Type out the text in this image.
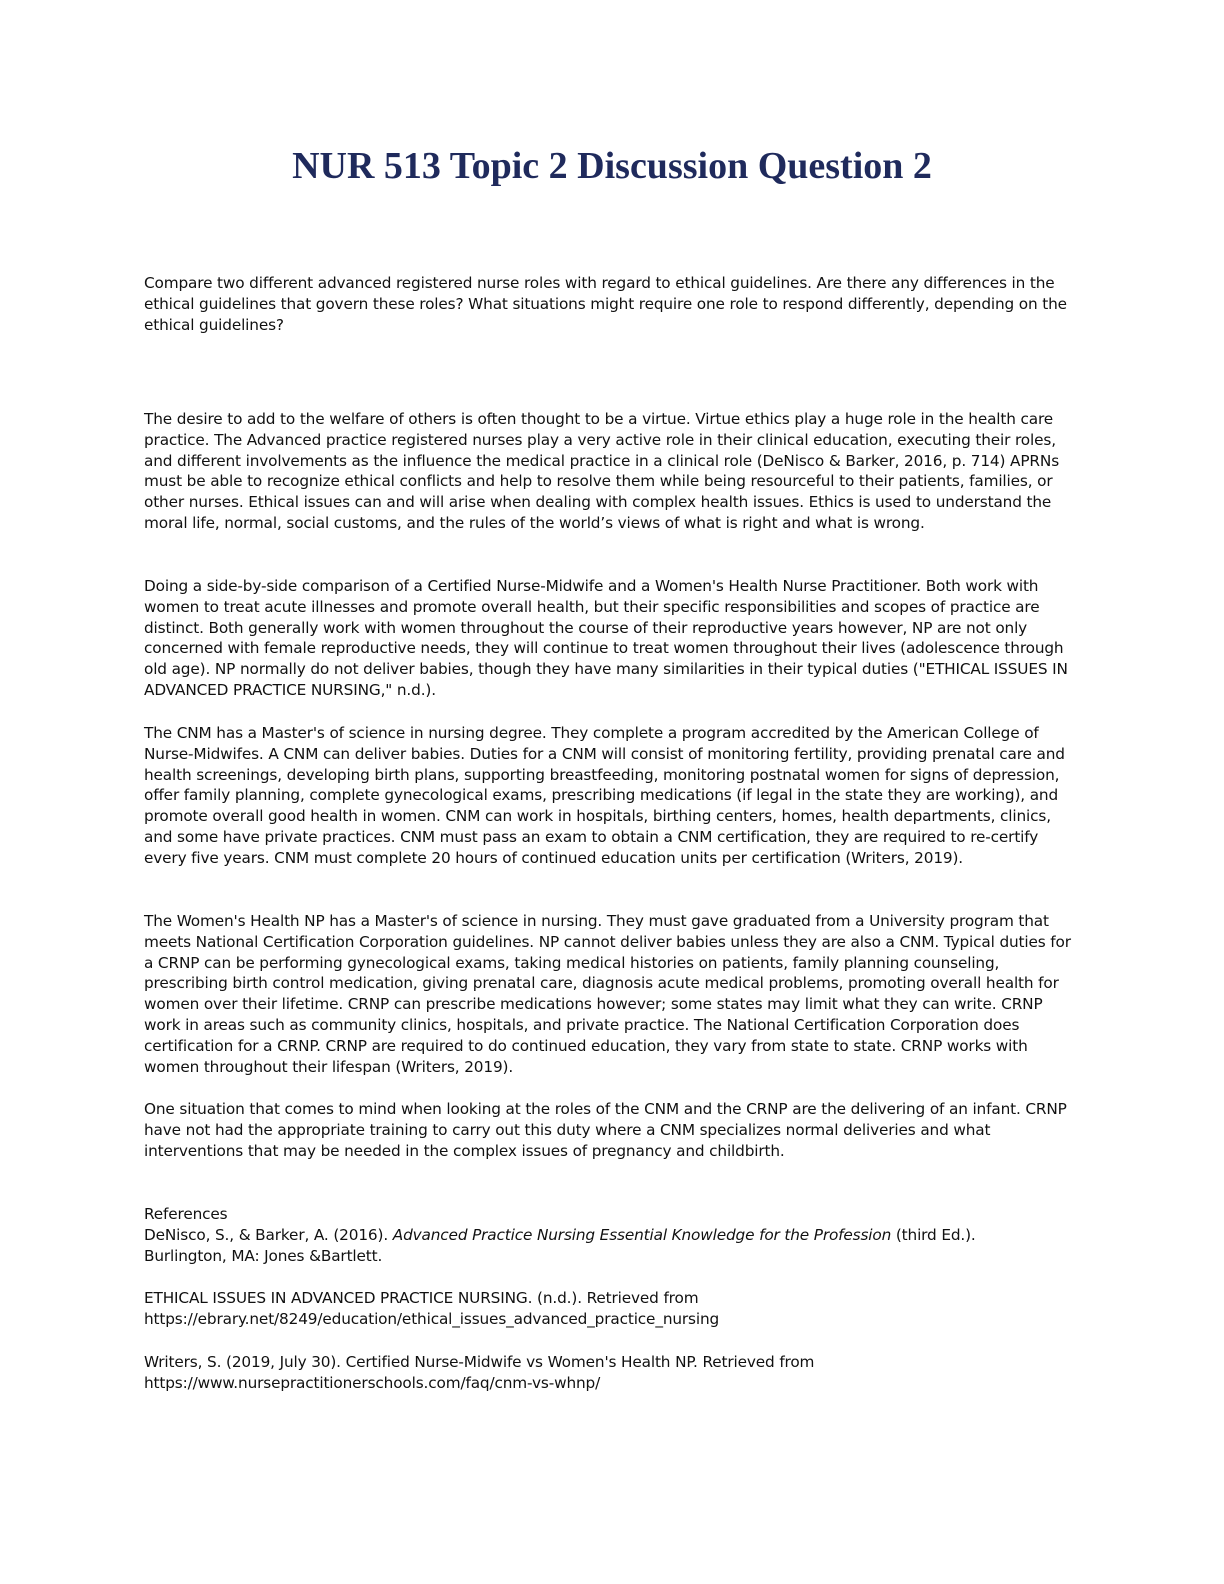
NUR 513 Topic 2 Discussion Question 2

Compare two different advanced registered nurse roles with regard to ethical guidelines. Are there any differences in the ethical guidelines that govern these roles? What situations might require one role to respond differently, depending on the ethical guidelines?

The desire to add to the welfare of others is often thought to be a virtue. Virtue ethics play a huge role in the health care practice. The Advanced practice registered nurses play a very active role in their clinical education, executing their roles, and different involvements as the influence the medical practice in a clinical role (DeNisco & Barker, 2016, p. 714) APRNs must be able to recognize ethical conflicts and help to resolve them while being resourceful to their patients, families, or other nurses. Ethical issues can and will arise when dealing with complex health issues. Ethics is used to understand the moral life, normal, social customs, and the rules of the world’s views of what is right and what is wrong.

Doing a side-by-side comparison of a Certified Nurse-Midwife and a Women's Health Nurse Practitioner. Both work with women to treat acute illnesses and promote overall health, but their specific responsibilities and scopes of practice are distinct. Both generally work with women throughout the course of their reproductive years however, NP are not only concerned with female reproductive needs, they will continue to treat women throughout their lives (adolescence through old age). NP normally do not deliver babies, though they have many similarities in their typical duties ("ETHICAL ISSUES IN ADVANCED PRACTICE NURSING," n.d.).

The CNM has a Master's of science in nursing degree. They complete a program accredited by the American College of Nurse-Midwifes. A CNM can deliver babies. Duties for a CNM will consist of monitoring fertility, providing prenatal care and health screenings, developing birth plans, supporting breastfeeding, monitoring postnatal women for signs of depression, offer family planning, complete gynecological exams, prescribing medications (if legal in the state they are working), and promote overall good health in women. CNM can work in hospitals, birthing centers, homes, health departments, clinics, and some have private practices. CNM must pass an exam to obtain a CNM certification, they are required to re-certify every five years. CNM must complete 20 hours of continued education units per certification (Writers, 2019).

The Women's Health NP has a Master's of science in nursing. They must gave graduated from a University program that meets National Certification Corporation guidelines. NP cannot deliver babies unless they are also a CNM. Typical duties for a CRNP can be performing gynecological exams, taking medical histories on patients, family planning counseling, prescribing birth control medication, giving prenatal care, diagnosis acute medical problems, promoting overall health for women over their lifetime. CRNP can prescribe medications however; some states may limit what they can write. CRNP work in areas such as community clinics, hospitals, and private practice. The National Certification Corporation does certification for a CRNP. CRNP are required to do continued education, they vary from state to state. CRNP works with women throughout their lifespan (Writers, 2019).

One situation that comes to mind when looking at the roles of the CNM and the CRNP are the delivering of an infant. CRNP have not had the appropriate training to carry out this duty where a CNM specializes normal deliveries and what interventions that may be needed in the complex issues of pregnancy and childbirth.

References

DeNisco, S., & Barker, A. (2016). Advanced Practice Nursing Essential Knowledge for the Profession (third Ed.).

Burlington, MA: Jones &Bartlett.

ETHICAL ISSUES IN ADVANCED PRACTICE NURSING. (n.d.). Retrieved from

https://ebrary.net/8249/education/ethical_issues_advanced_practice_nursing

Writers, S. (2019, July 30). Certified Nurse-Midwife vs Women's Health NP. Retrieved from

https://www.nursepractitionerschools.com/faq/cnm-vs-whnp/
